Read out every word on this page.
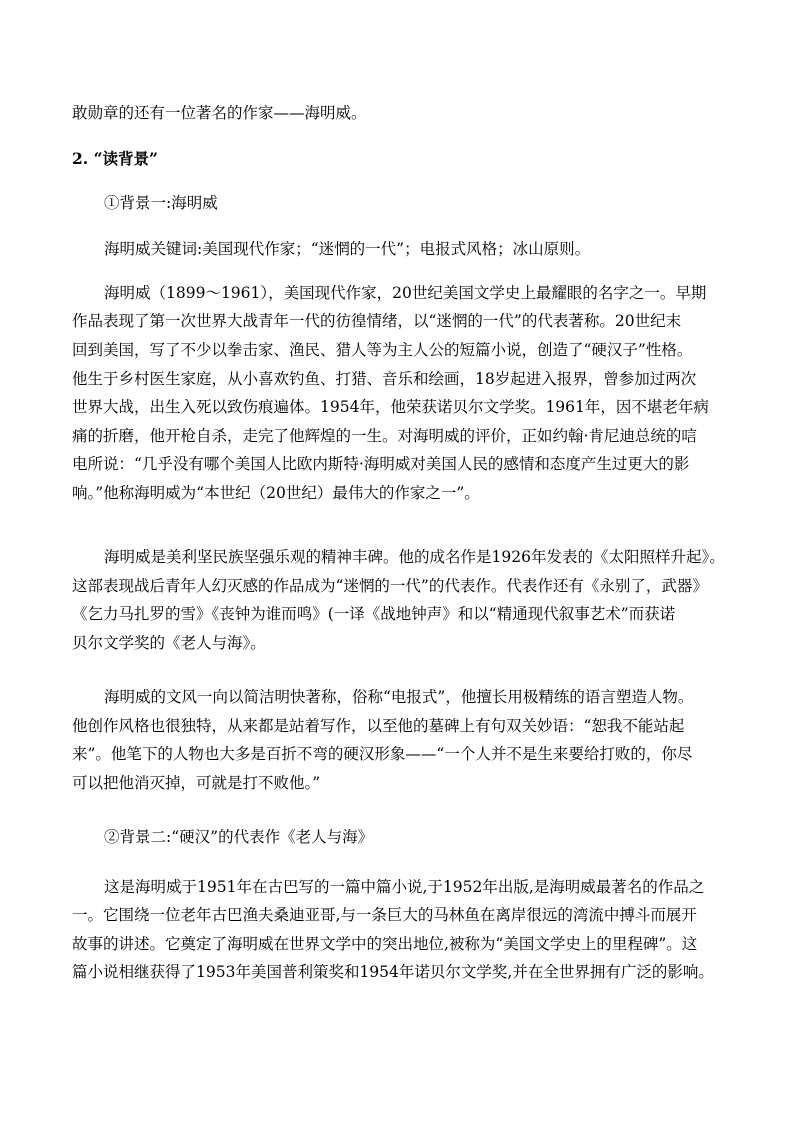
敢勋章的还有一位著名的作家——海明威。
2. “读背景”
①背景一:海明威
海明威关键词:美国现代作家；“迷惘的一代”；电报式风格；冰山原则。
海明威（1899～1961），美国现代作家，20世纪美国文学史上最耀眼的名字之一。早期
作品表现了第一次世界大战青年一代的彷徨情绪，以“迷惘的一代”的代表著称。20世纪末
回到美国，写了不少以拳击家、渔民、猎人等为主人公的短篇小说，创造了“硬汉子”性格。
他生于乡村医生家庭，从小喜欢钓鱼、打猎、音乐和绘画，18岁起进入报界，曾参加过两次
世界大战，出生入死以致伤痕遍体。1954年，他荣获诺贝尔文学奖。1961年，因不堪老年病
痛的折磨，他开枪自杀，走完了他辉煌的一生。对海明威的评价，正如约翰·肯尼迪总统的唁
电所说：“几乎没有哪个美国人比欧内斯特·海明威对美国人民的感情和态度产生过更大的影
响。”他称海明威为“本世纪（20世纪）最伟大的作家之一”。
海明威是美利坚民族坚强乐观的精神丰碑。他的成名作是1926年发表的《太阳照样升起》。
这部表现战后青年人幻灭感的作品成为“迷惘的一代”的代表作。代表作还有《永别了，武器》
《乞力马扎罗的雪》《丧钟为谁而鸣》(一译《战地钟声》和以“精通现代叙事艺术”而获诺
贝尔文学奖的《老人与海》。
海明威的文风一向以简洁明快著称，俗称“电报式”，他擅长用极精练的语言塑造人物。
他创作风格也很独特，从来都是站着写作，以至他的墓碑上有句双关妙语：“恕我不能站起
来”。他笔下的人物也大多是百折不弯的硬汉形象——“一个人并不是生来要给打败的，你尽
可以把他消灭掉，可就是打不败他。”
②背景二:“硬汉”的代表作《老人与海》
这是海明威于1951年在古巴写的一篇中篇小说,于1952年出版,是海明威最著名的作品之
一。它围绕一位老年古巴渔夫桑迪亚哥,与一条巨大的马林鱼在离岸很远的湾流中搏斗而展开
故事的讲述。它奠定了海明威在世界文学中的突出地位,被称为“美国文学史上的里程碑”。这
篇小说相继获得了1953年美国普利策奖和1954年诺贝尔文学奖,并在全世界拥有广泛的影响。
